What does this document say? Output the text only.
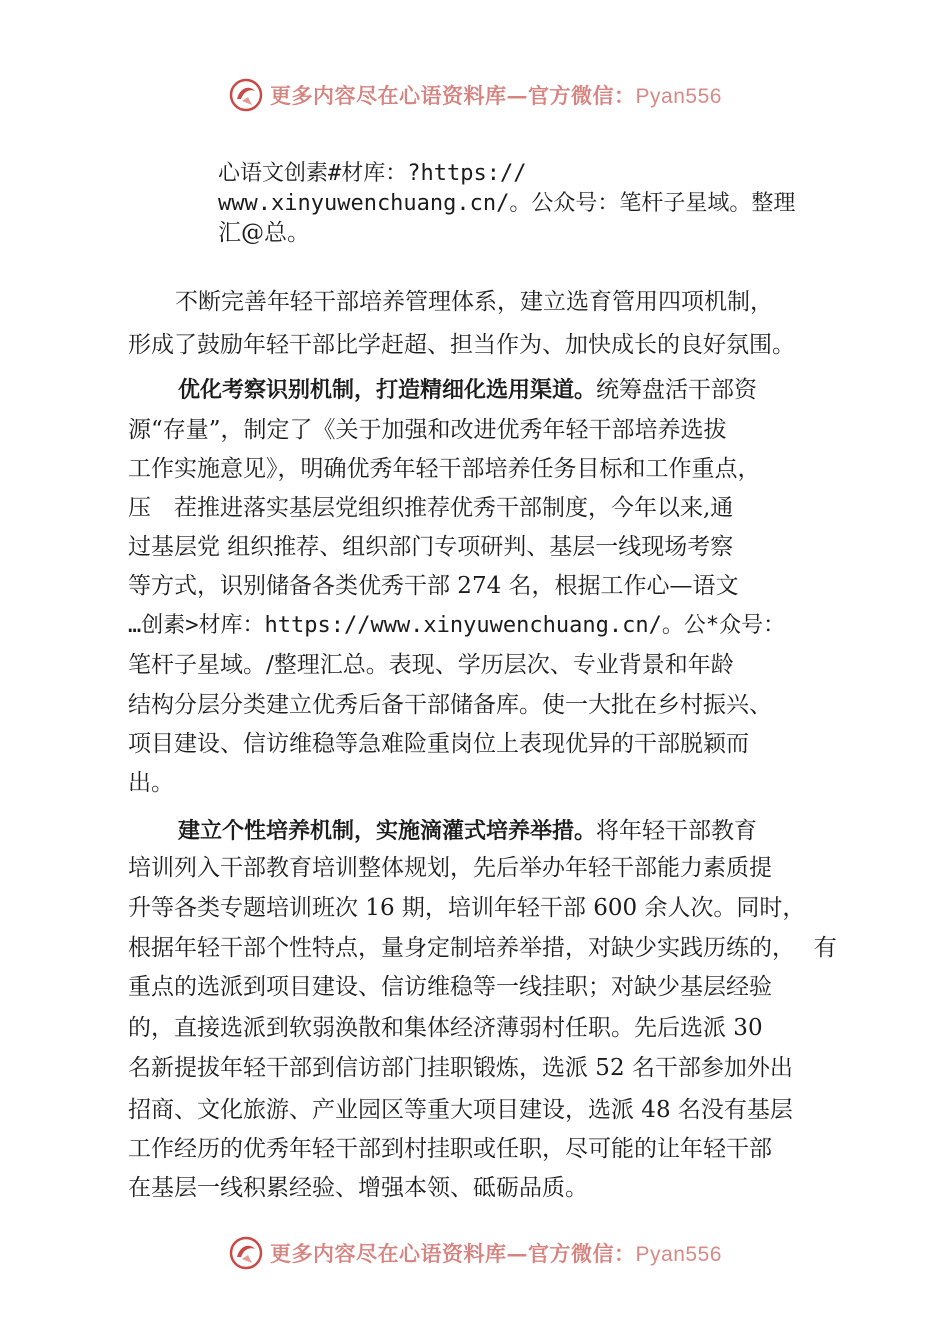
更多内容尽在心语资料库—官方微信：Pyan556
心语文创素#材库：?https://
www.xinyuwenchuang.cn/。公众号：笔杆子星域。整理
汇@总。
不断完善年轻干部培养管理体系，建立选育管用四项机制，
形成了鼓励年轻干部比学赶超、担当作为、加快成长的良好氛围。
优化考察识别机制，打造精细化选用渠道。统筹盘活干部资
源“存量”，制定了《关于加强和改进优秀年轻干部培养选拔
工作实施意见》，明确优秀年轻干部培养任务目标和工作重点，
压　茬推进落实基层党组织推荐优秀干部制度，今年以来,通
过基层党 组织推荐、组织部门专项研判、基层一线现场考察
等方式，识别储备各类优秀干部 274 名，根据工作心—语文
…创素>材库：https://www.xinyuwenchuang.cn/。公*众号：
笔杆子星域。/整理汇总。表现、学历层次、专业背景和年龄
结构分层分类建立优秀后备干部储备库。使一大批在乡村振兴、
项目建设、信访维稳等急难险重岗位上表现优异的干部脱颖而
出。
建立个性培养机制，实施滴灌式培养举措。将年轻干部教育
培训列入干部教育培训整体规划，先后举办年轻干部能力素质提
升等各类专题培训班次 16 期，培训年轻干部 600 余人次。同时，
根据年轻干部个性特点，量身定制培养举措，对缺少实践历练的，　 有
重点的选派到项目建设、信访维稳等一线挂职；对缺少基层经验
的，直接选派到软弱涣散和集体经济薄弱村任职。先后选派 30
名新提拔年轻干部到信访部门挂职锻炼，选派 52 名干部参加外出
招商、文化旅游、产业园区等重大项目建设，选派 48 名没有基层
工作经历的优秀年轻干部到村挂职或任职，尽可能的让年轻干部
在基层一线积累经验、增强本领、砥砺品质。
更多内容尽在心语资料库—官方微信：Pyan556
